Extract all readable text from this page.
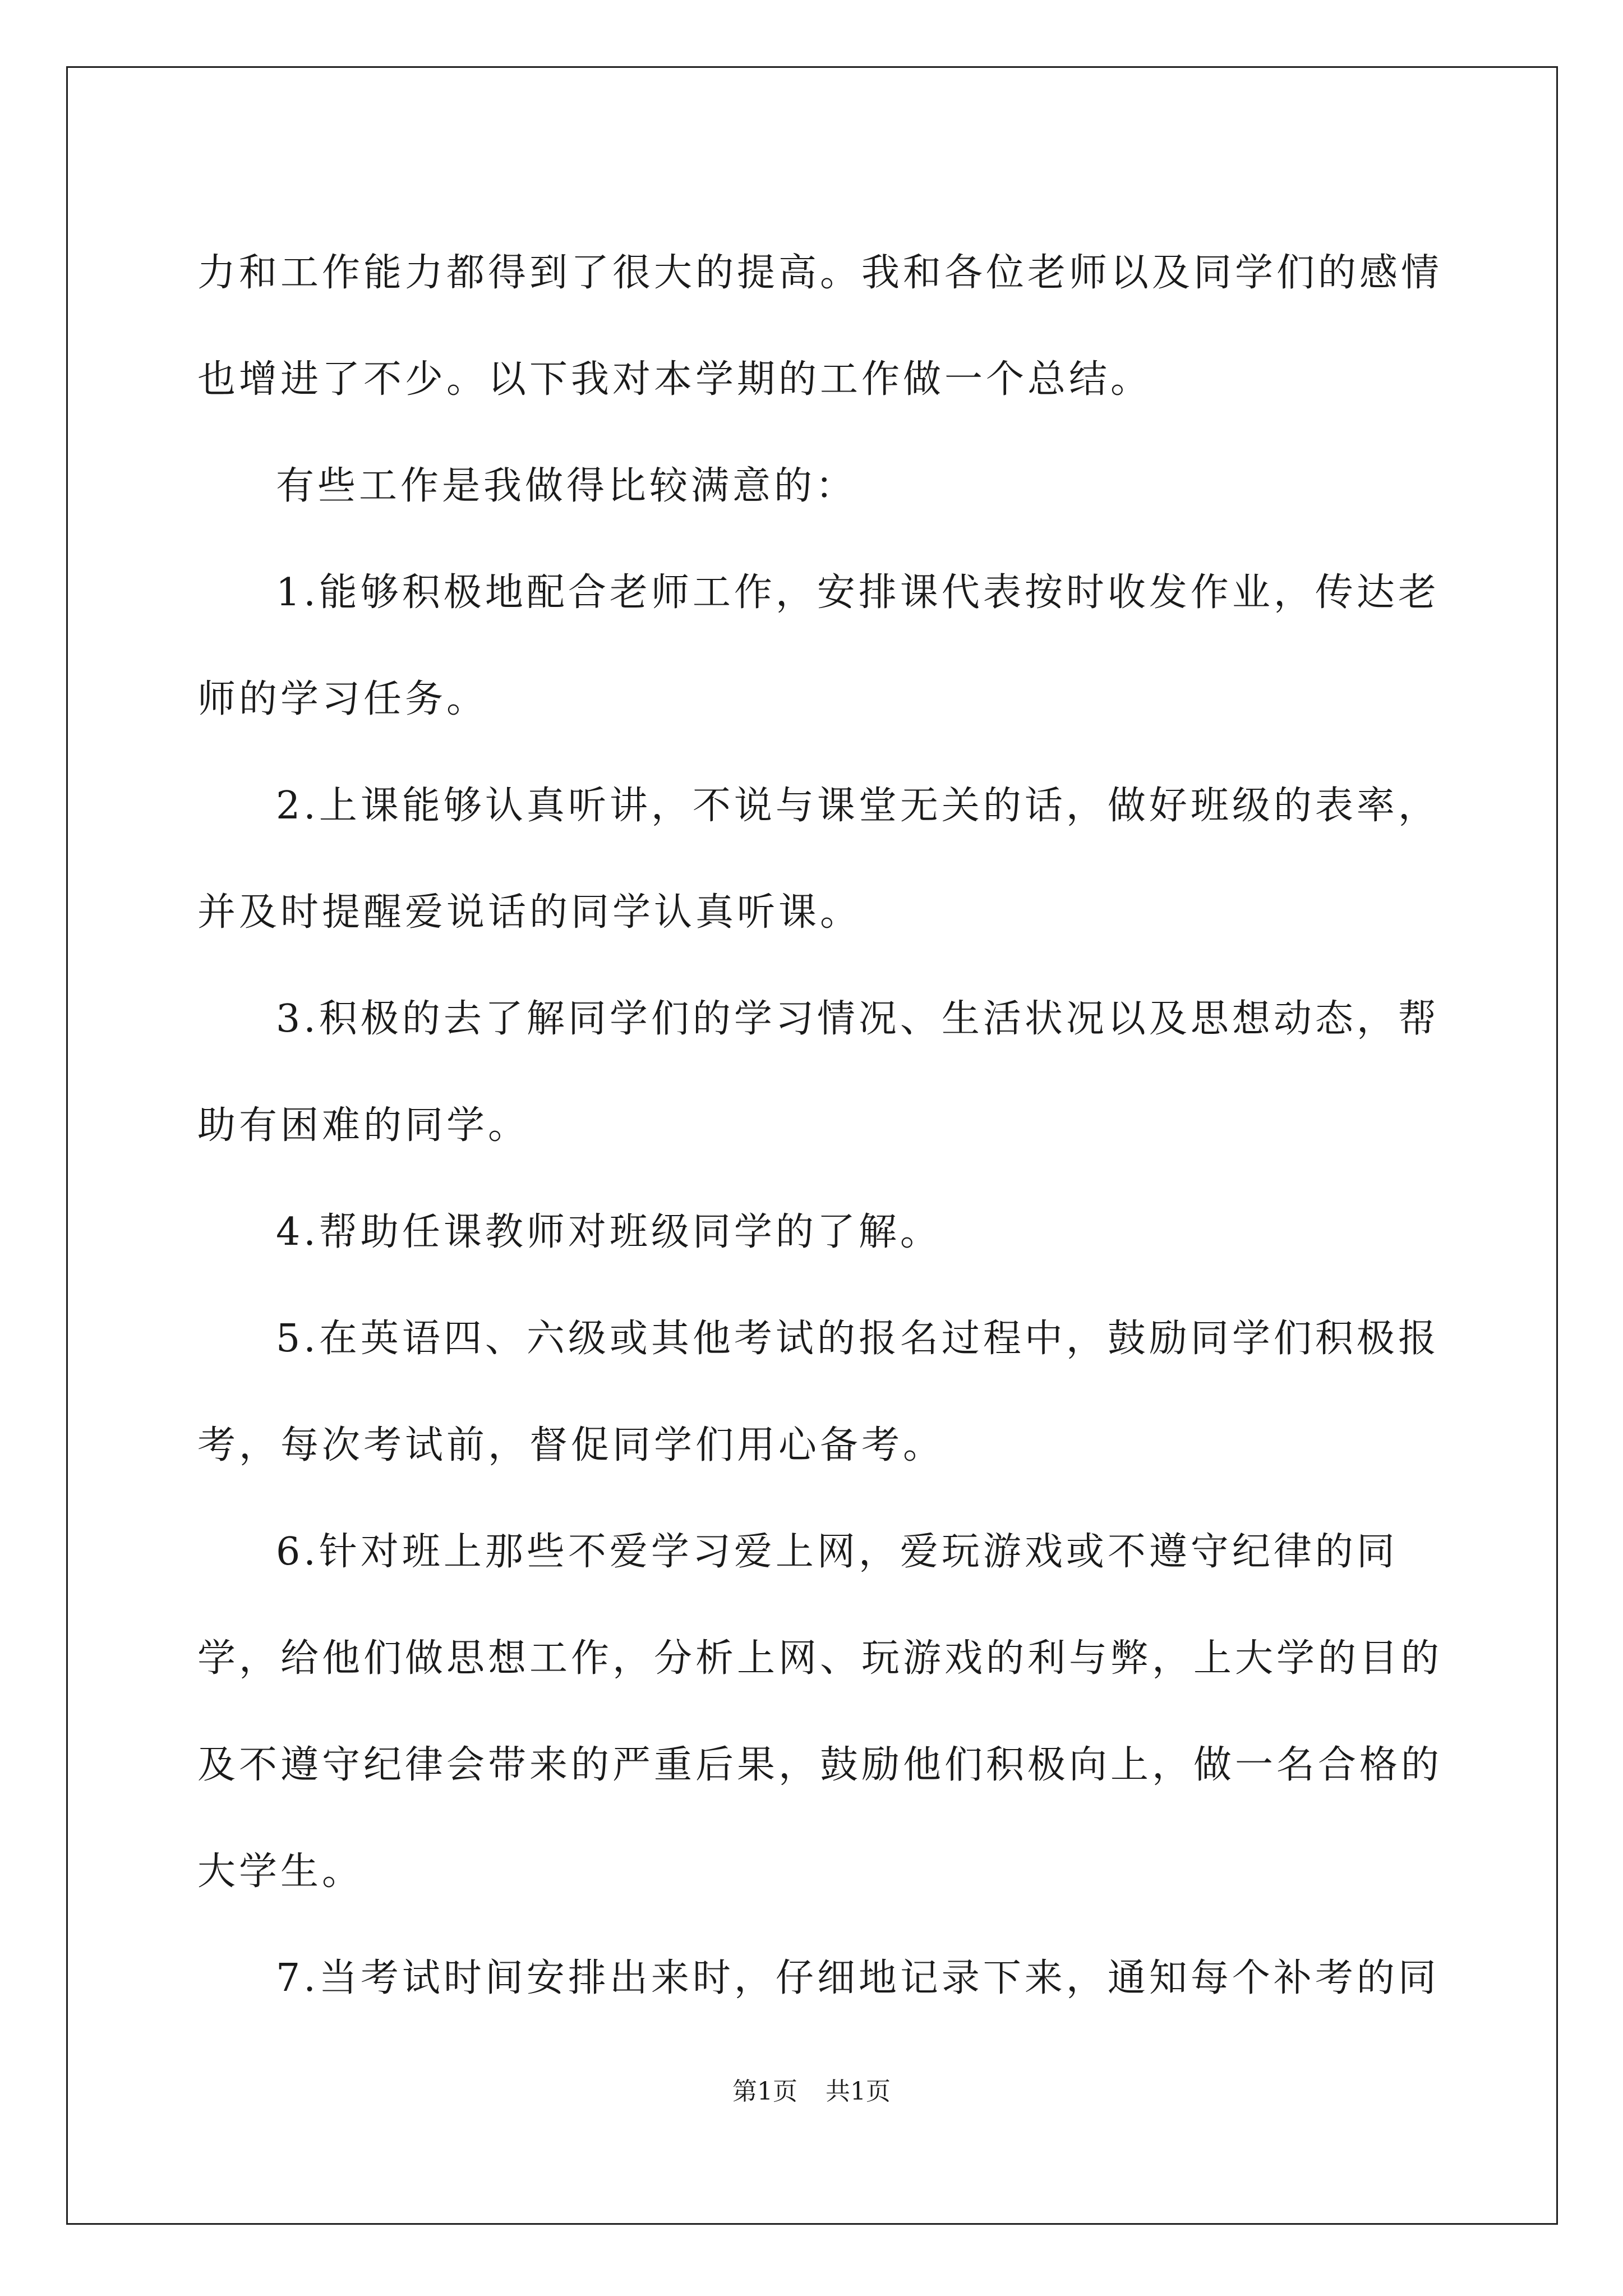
力和工作能力都得到了很大的提高。我和各位老师以及同学们的感情也增进了不少。以下我对本学期的工作做一个总结。

有些工作是我做得比较满意的：

1.能够积极地配合老师工作，安排课代表按时收发作业，传达老师的学习任务。

2.上课能够认真听讲，不说与课堂无关的话，做好班级的表率，并及时提醒爱说话的同学认真听课。

3.积极的去了解同学们的学习情况、生活状况以及思想动态，帮助有困难的同学。

4.帮助任课教师对班级同学的了解。

5.在英语四、六级或其他考试的报名过程中，鼓励同学们积极报考，每次考试前，督促同学们用心备考。

6.针对班上那些不爱学习爱上网，爱玩游戏或不遵守纪律的同学，给他们做思想工作，分析上网、玩游戏的利与弊，上大学的目的及不遵守纪律会带来的严重后果，鼓励他们积极向上，做一名合格的大学生。

7.当考试时间安排出来时，仔细地记录下来，通知每个补考的同

第1页 共1页
